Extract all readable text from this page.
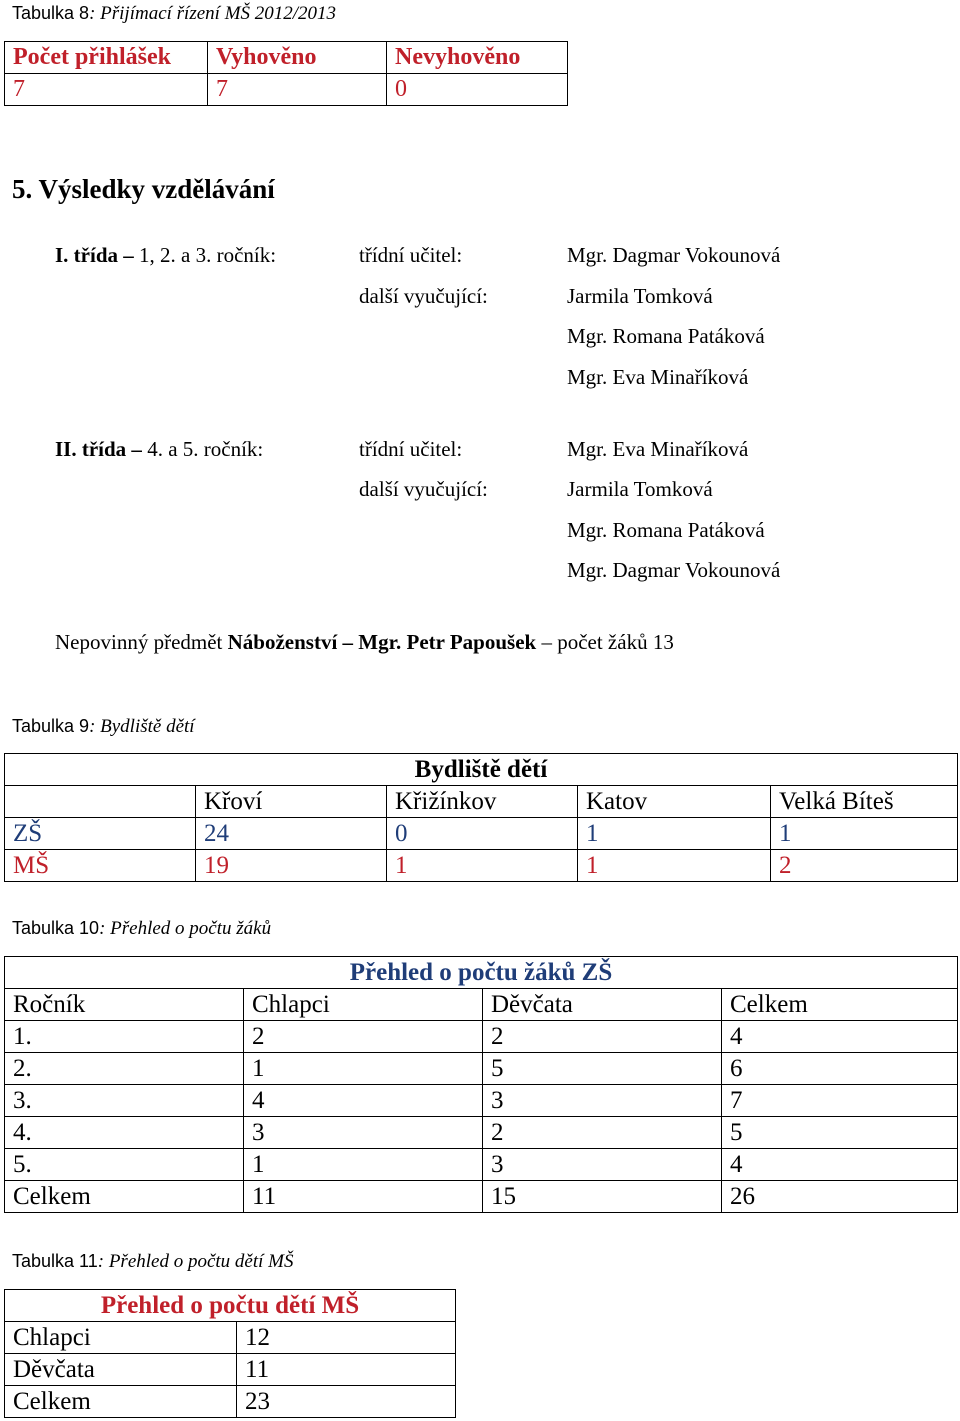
Tabulka 8: Přijímací řízení MŠ 2012/2013
Počet přihlášek	Vyhověno	Nevyhověno
7	7	0
5. Výsledky vzdělávání
I. třída – 1, 2. a 3. ročník:	třídní učitel:	Mgr. Dagmar Vokounová
další vyučující:	Jarmila Tomková
Mgr. Romana Patáková
Mgr. Eva Minaříková
II. třída – 4. a 5. ročník:	třídní učitel:	Mgr. Eva Minaříková
další vyučující:	Jarmila Tomková
Mgr. Romana Patáková
Mgr. Dagmar Vokounová
Nepovinný předmět Náboženství – Mgr. Petr Papoušek – počet žáků 13
Tabulka 9: Bydliště dětí
Bydliště dětí				
	Křoví	Křižínkov	Katov	Velká Bíteš
ZŠ	24	0	1	1
MŠ	19	1	1	2
Tabulka 10: Přehled o počtu žáků
Přehled o počtu žáků ZŠ			
Ročník	Chlapci	Děvčata	Celkem
1.	2	2	4
2.	1	5	6
3.	4	3	7
4.	3	2	5
5.	1	3	4
Celkem	11	15	26
Tabulka 11: Přehled o počtu dětí MŠ
Přehled o počtu dětí MŠ	
Chlapci	12
Děvčata	11
Celkem	23
